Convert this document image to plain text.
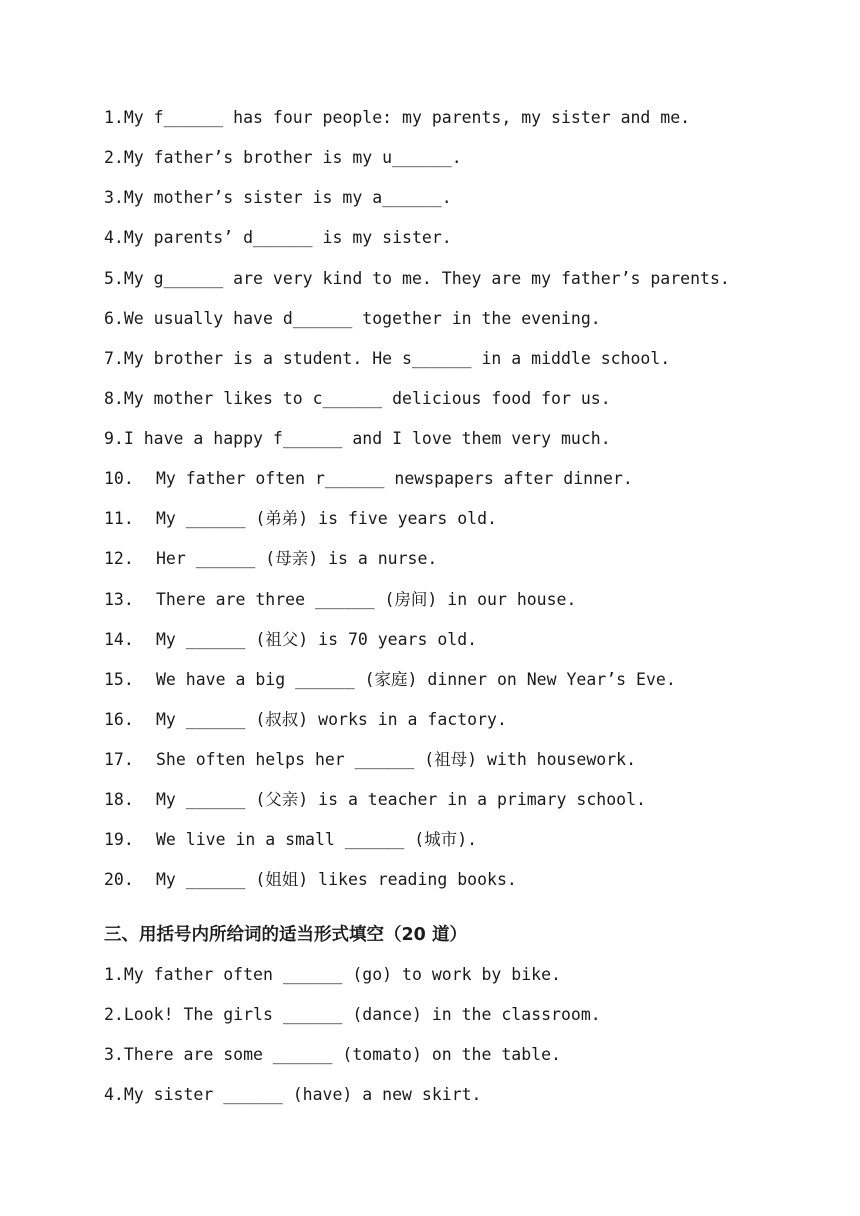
1.My f______ has four people: my parents, my sister and me.
2.My father’s brother is my u______.
3.My mother’s sister is my a______.
4.My parents’ d______ is my sister.
5.My g______ are very kind to me. They are my father’s parents.
6.We usually have d______ together in the evening.
7.My brother is a student. He s______ in a middle school.
8.My mother likes to c______ delicious food for us.
9.I have a happy f______ and I love them very much.
10. My father often r______ newspapers after dinner.
11. My ______ (弟弟) is five years old.
12. Her ______ (母亲) is a nurse.
13. There are three ______ (房间) in our house.
14. My ______ (祖父) is 70 years old.
15. We have a big ______ (家庭) dinner on New Year’s Eve.
16. My ______ (叔叔) works in a factory.
17. She often helps her ______ (祖母) with housework.
18. My ______ (父亲) is a teacher in a primary school.
19. We live in a small ______ (城市).
20. My ______ (姐姐) likes reading books.
三、用括号内所给词的适当形式填空（20 道）
1.My father often ______ (go) to work by bike.
2.Look! The girls ______ (dance) in the classroom.
3.There are some ______ (tomato) on the table.
4.My sister ______ (have) a new skirt.
